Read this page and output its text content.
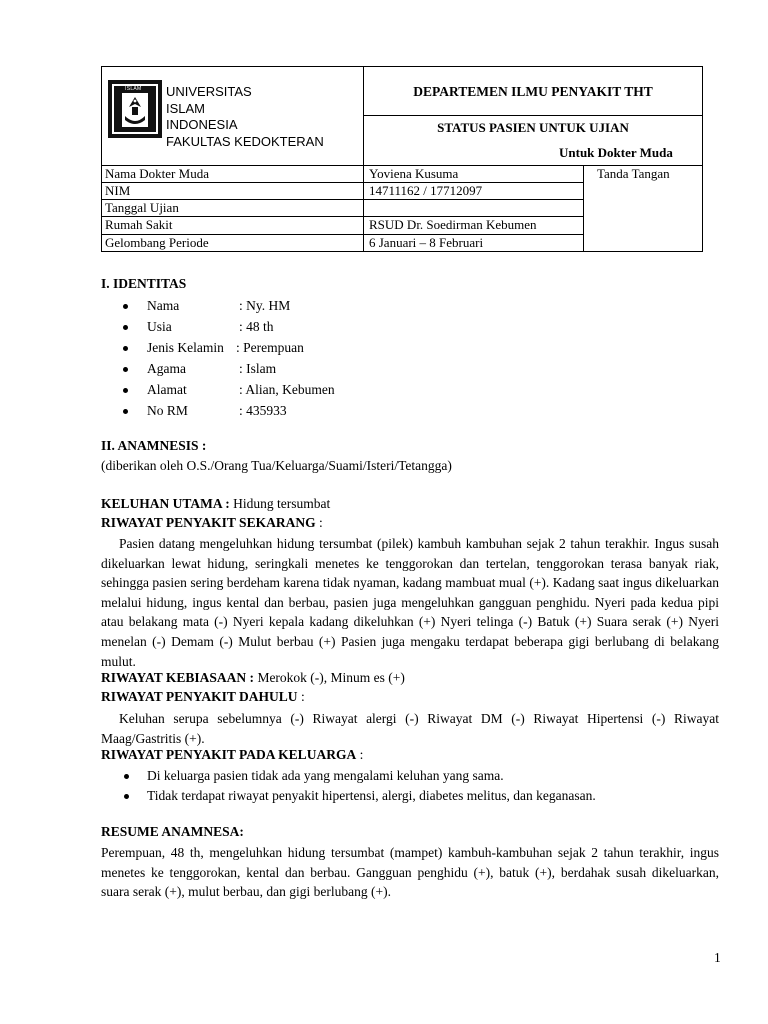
ISLAM UNIVERSITAS
ISLAM
INDONESIA
FAKULTAS KEDOKTERAN
DEPARTEMEN ILMU PENYAKIT THT
STATUS PASIEN UNTUK UJIAN
Untuk Dokter Muda
Nama Dokter Muda	Yoviena Kusuma
NIM	14711162 / 17712097
Tanggal Ujian
Rumah Sakit	RSUD Dr. Soedirman Kebumen
Gelombang Periode	6 Januari – 8 Februari
Tanda Tangan
I. IDENTITAS
Nama	: Ny. HM
Usia	: 48 th
Jenis Kelamin : Perempuan
Agama	: Islam
Alamat	: Alian, Kebumen
No RM	: 435933
II. ANAMNESIS :
(diberikan oleh O.S./Orang Tua/Keluarga/Suami/Isteri/Tetangga)
KELUHAN UTAMA : Hidung tersumbat
RIWAYAT PENYAKIT SEKARANG :
Pasien datang mengeluhkan hidung tersumbat (pilek) kambuh kambuhan sejak 2 tahun terakhir. Ingus susah dikeluarkan lewat hidung, seringkali menetes ke tenggorokan dan tertelan, tenggorokan terasa banyak riak, sehingga pasien sering berdeham karena tidak nyaman, kadang mambuat mual (+). Kadang saat ingus dikeluarkan melalui hidung, ingus kental dan berbau, pasien juga mengeluhkan gangguan penghidu. Nyeri pada kedua pipi atau belakang mata (-) Nyeri kepala kadang dikeluhkan (+) Nyeri telinga (-) Batuk (+) Suara serak (+) Nyeri menelan (-) Demam (-) Mulut berbau (+) Pasien juga mengaku terdapat beberapa gigi berlubang di belakang mulut.
RIWAYAT KEBIASAAN : Merokok (-), Minum es (+)
RIWAYAT PENYAKIT DAHULU :
Keluhan serupa sebelumnya (-) Riwayat alergi (-) Riwayat DM (-) Riwayat Hipertensi (-) Riwayat Maag/Gastritis (+).
RIWAYAT PENYAKIT PADA KELUARGA :
Di keluarga pasien tidak ada yang mengalami keluhan yang sama.
Tidak terdapat riwayat penyakit hipertensi, alergi, diabetes melitus, dan keganasan.
RESUME ANAMNESA:
Perempuan, 48 th, mengeluhkan hidung tersumbat (mampet) kambuh-kambuhan sejak 2 tahun terakhir, ingus menetes ke tenggorokan, kental dan berbau. Gangguan penghidu (+), batuk (+), berdahak susah dikeluarkan, suara serak (+), mulut berbau, dan gigi berlubang (+).
1
